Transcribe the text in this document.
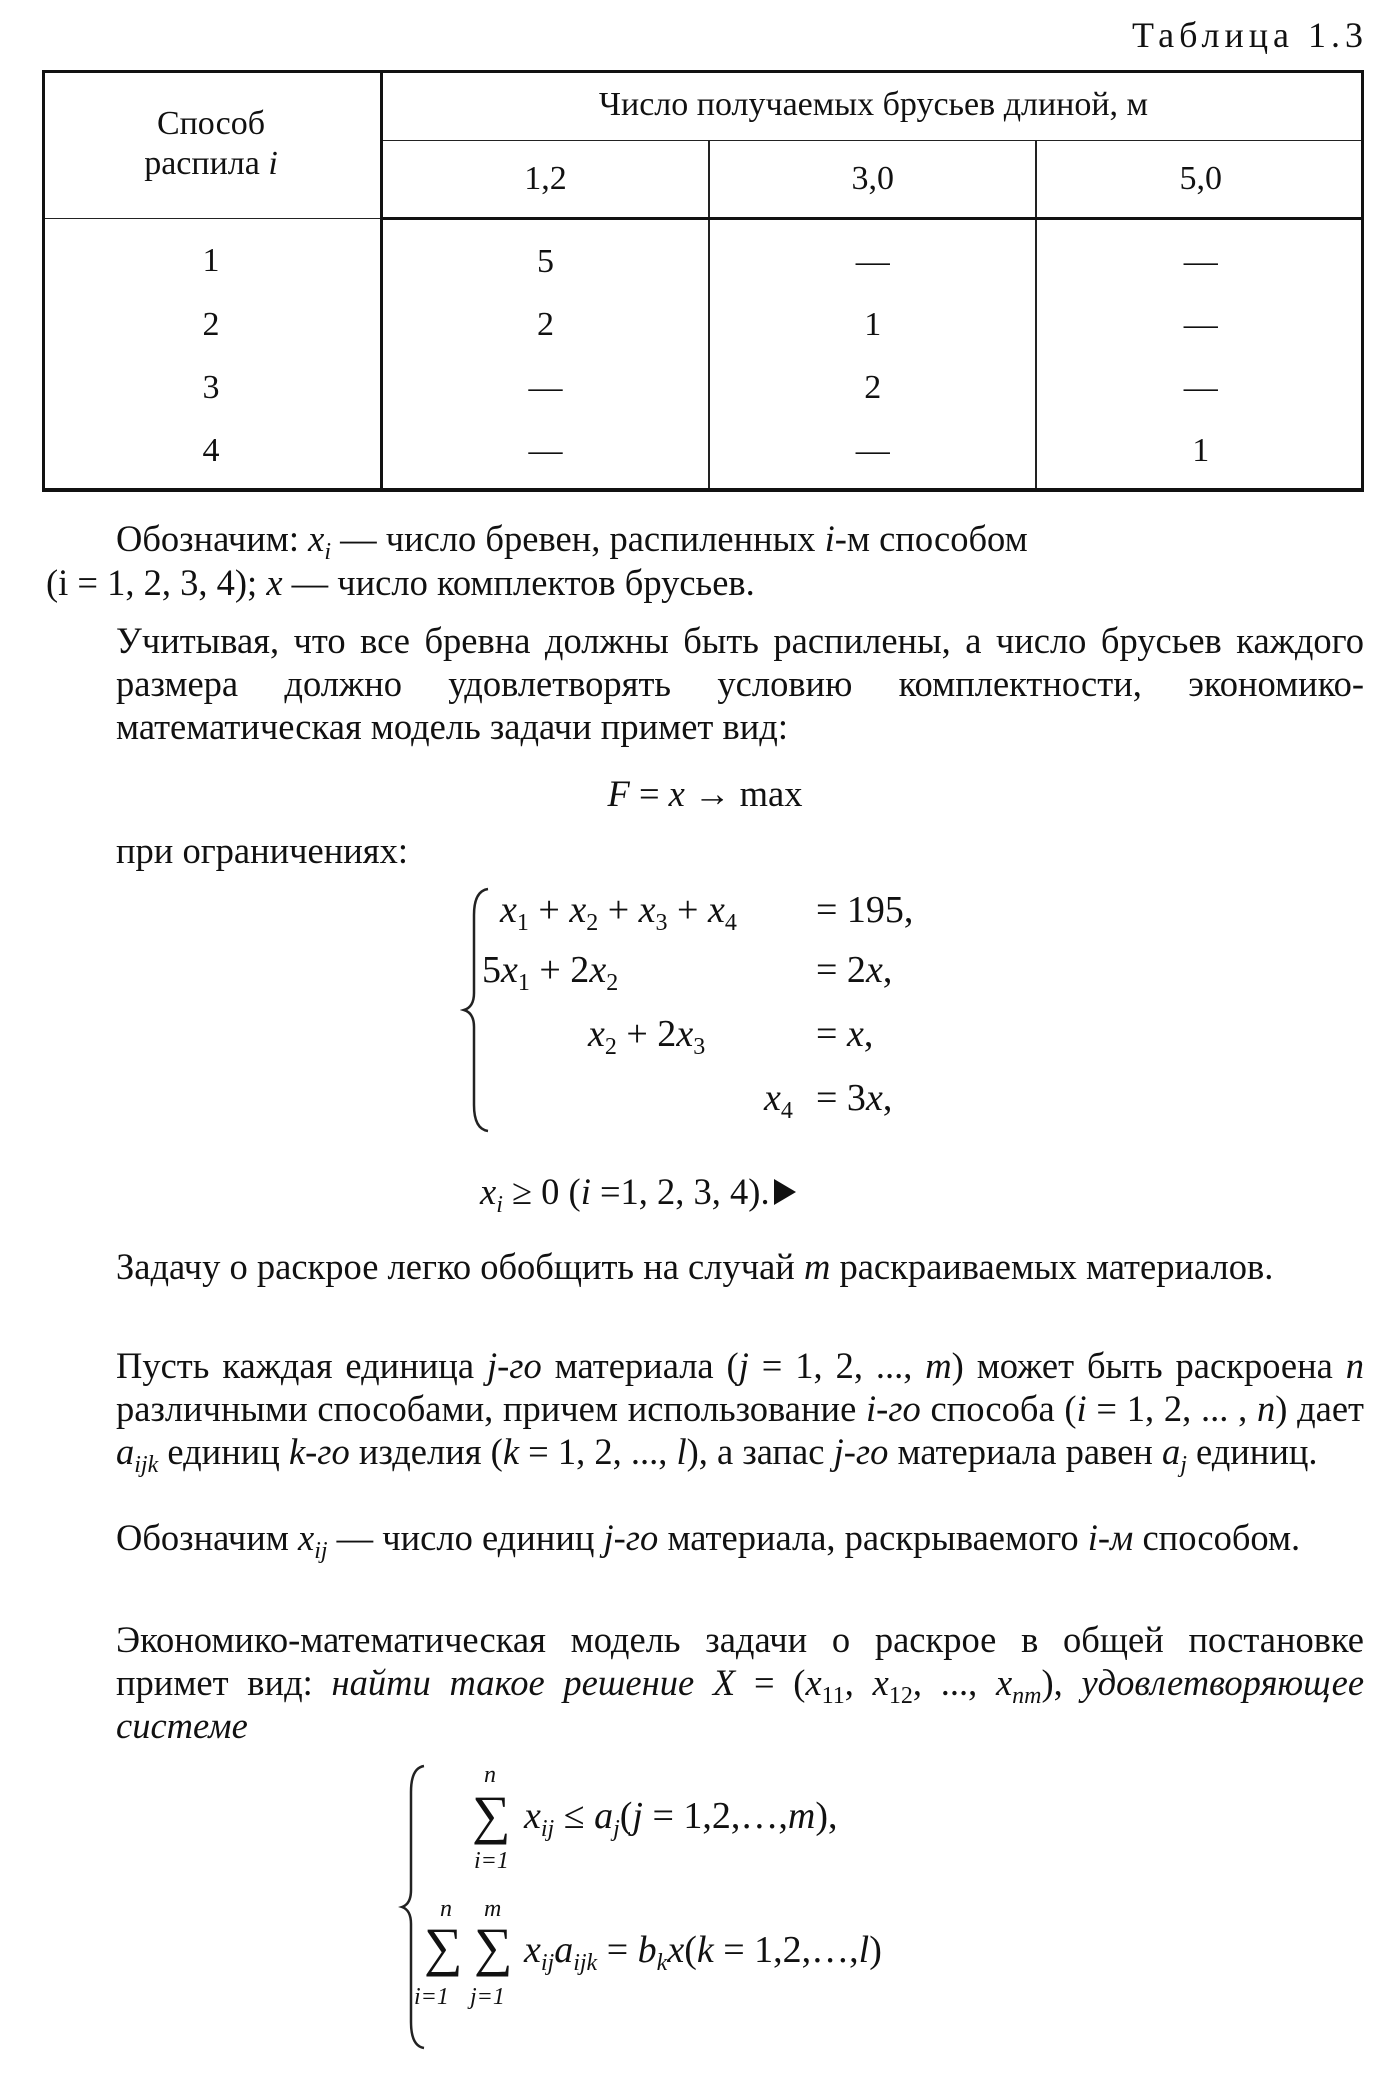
Таблица 1.3
Способ
распила i	Число получаемых брусьев длиной, м		
	1,2	3,0	5,0
1	5	—	—
2	2	1	—
3	—	2	—
4	—	—	1
Обозначим: $x_i$ — число бревен, распиленных i-м способом
(i = 1, 2, 3, 4); x — число комплектов брусьев.
Учитывая, что все бревна должны быть распилены, а число брусьев каждого размера должно удовлетворять условию комплектности, экономико-математическая модель задачи примет вид:
F = x → max
при ограничениях:
$x_1 + x_2 + x_3 + x_4 = 195$,
$5x_1 + 2x_2$	= 2x,
$x_2 + 2x_3$	= x,
$x_4 = 3x$,
$x_i \ge 0$ (i =1, 2, 3, 4).
Задачу о раскрое легко обобщить на случай m раскраиваемых материалов.
Пусть каждая единица j-го материала (j = 1, 2, ..., m) может быть раскроена n различными способами, причем использование i-го способа (i = 1, 2, ... , n) дает $a_{ijk}$ единиц k-го изделия (k = 1, 2, ..., l), а запас j-го материала равен $a_j$ единиц.
Обозначим $x_{ij}$ — число единиц j-го материала, раскрываемого i-м способом.
Экономико-математическая модель задачи о раскрое в общей постановке примет вид: найти такое решение $X = (x_{11}$, $x_{12}$, ..., $x_{nm}$), удовлетворяющее системе
n
∑
i=1
$x_{ij} \le a_j(j$ = 1,2,…,m),
n
∑
i=1
m
∑
j=1
$x_{ij}a_{ijk} = b_kx(k$ = 1,2,…,l)
